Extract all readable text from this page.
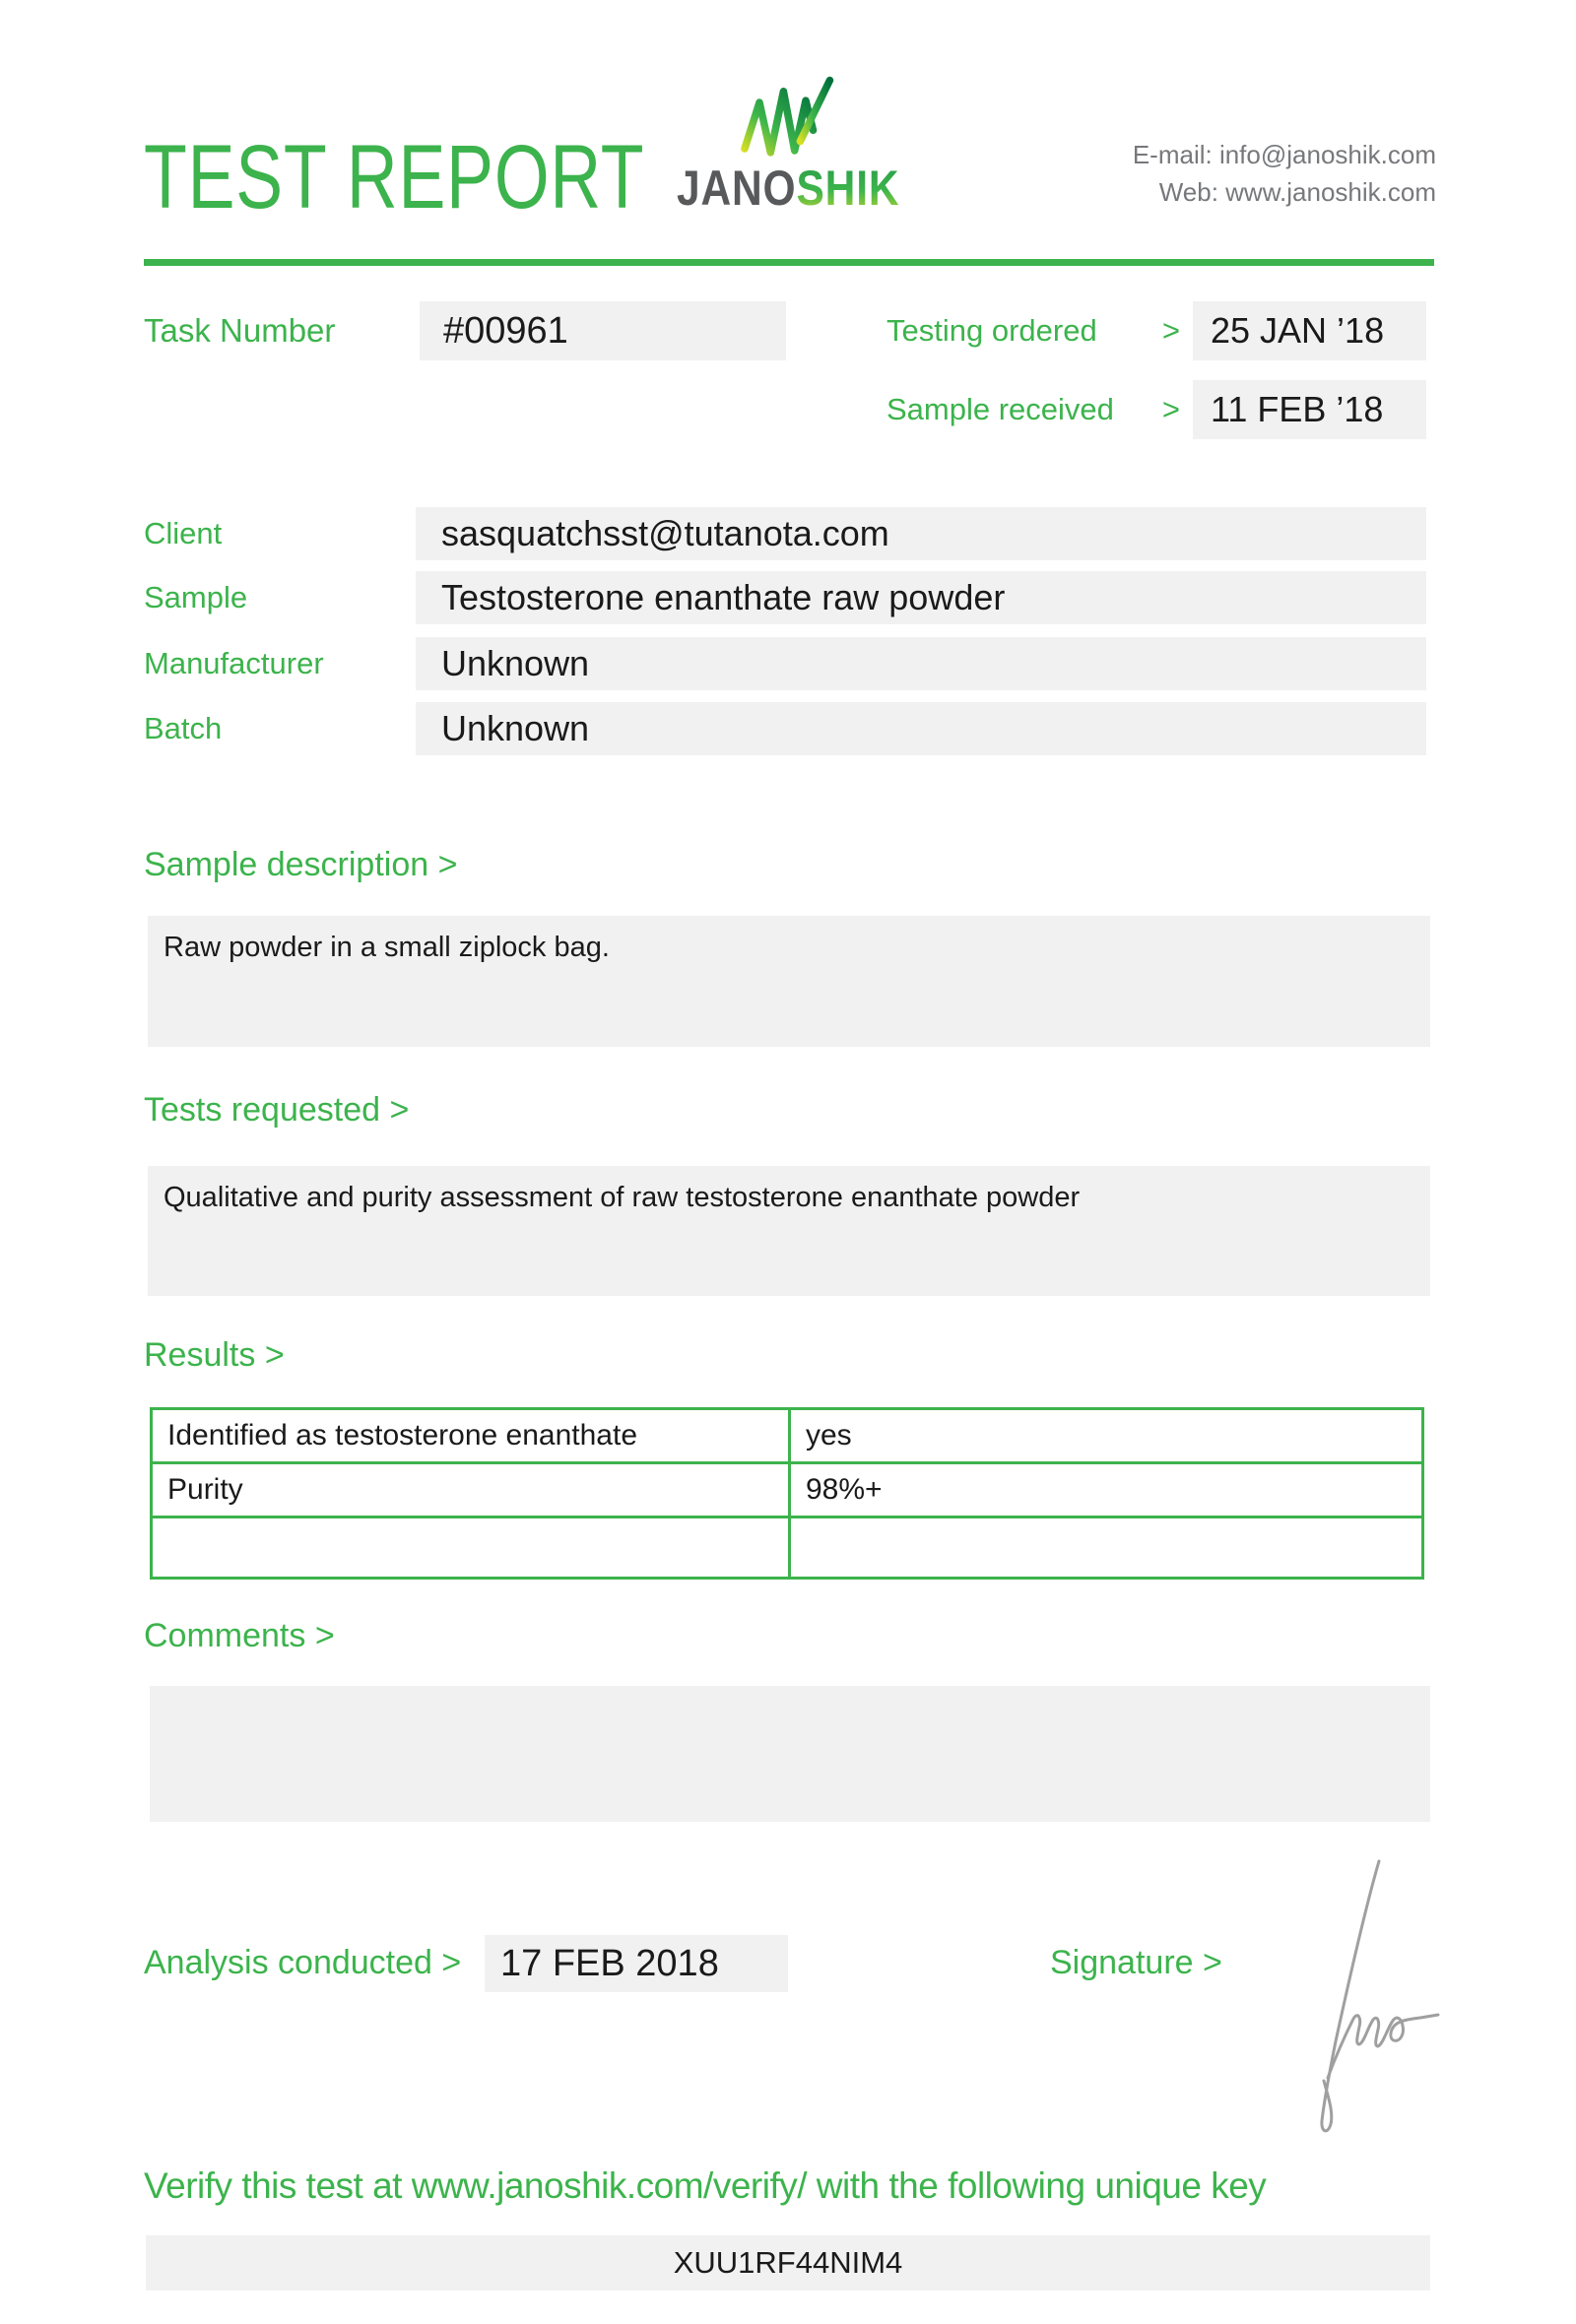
TEST REPORT JANOSHIK
E-mail: info@janoshik.com
Web: www.janoshik.com
Task Number	#00961	Testing ordered > 25 JAN ’18
Sample received > 11 FEB ’18
Client	sasquatchsst@tutanota.com
Sample	Testosterone enanthate raw powder
Manufacturer	Unknown
Batch	Unknown
Sample description >
Raw powder in a small ziplock bag.
Tests requested >
Qualitative and purity assessment of raw testosterone enanthate powder
Results >
Identified as testosterone enanthate	yes
Purity	98%+
Comments >
Analysis conducted >	17 FEB 2018	Signature >
Verify this test at www.janoshik.com/verify/ with the following unique key
XUU1RF44NIM4
